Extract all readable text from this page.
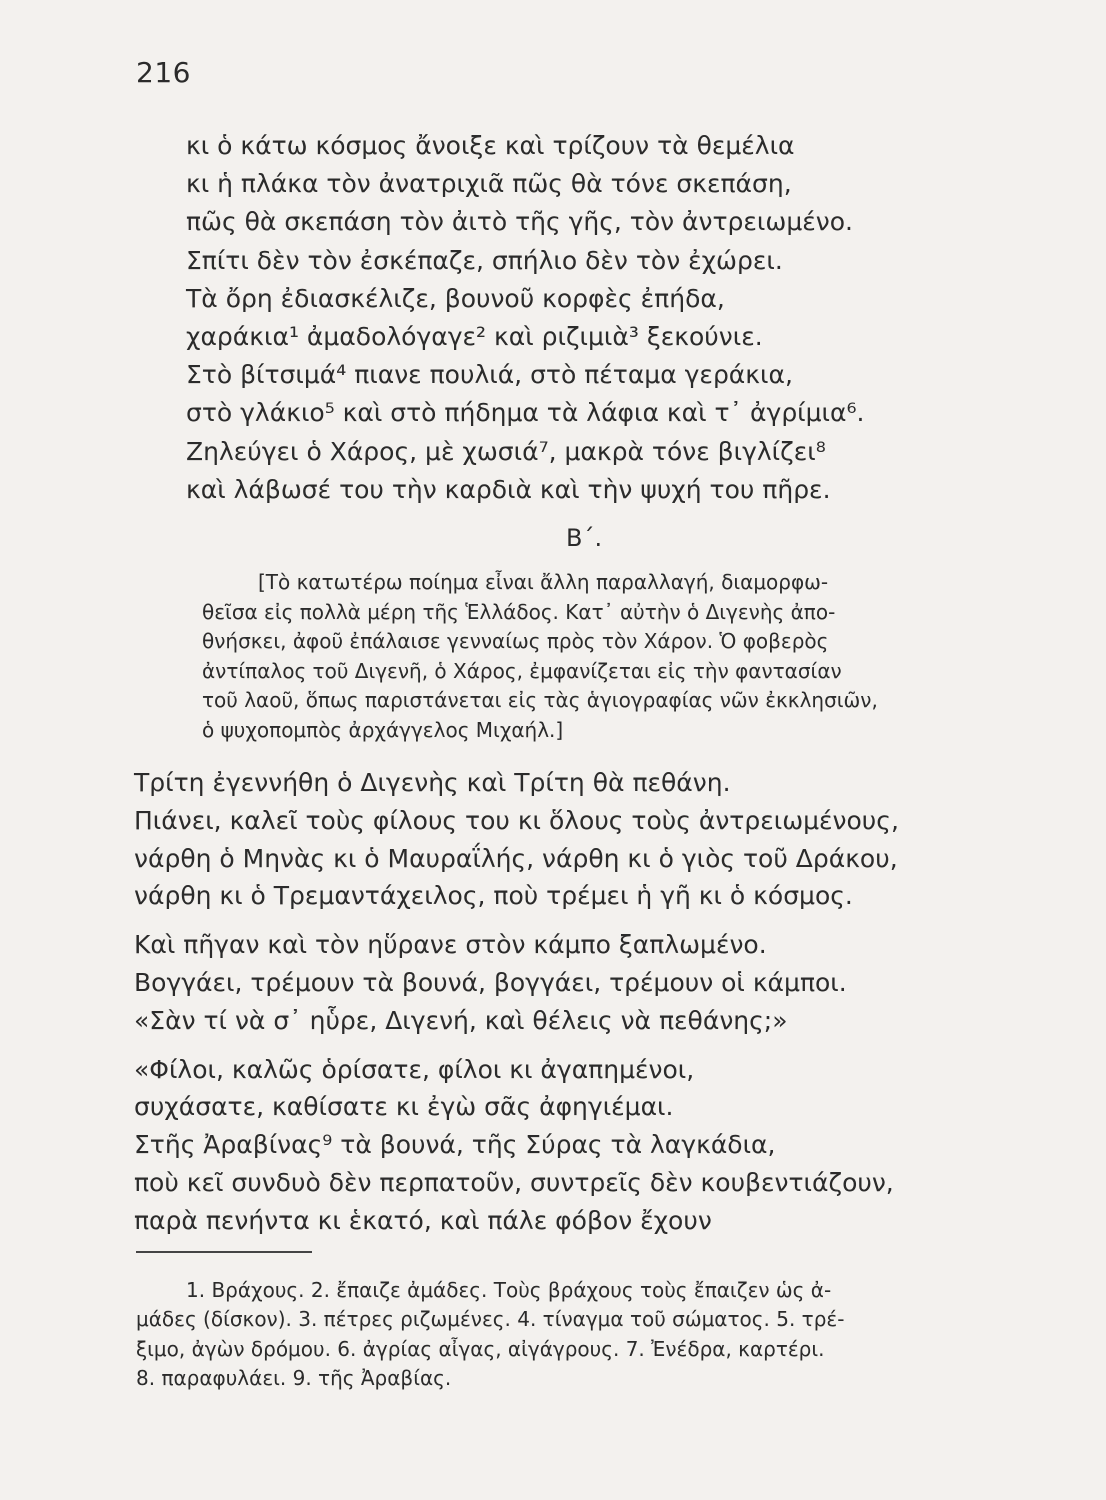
216
κι ὁ κάτω κόσμος ἄνοιξε καὶ τρίζουν τὰ θεμέλια
κι ἡ πλάκα τὸν ἀνατριχιᾶ πῶς θὰ τόνε σκεπάση,
πῶς θὰ σκεπάση τὸν ἀιτὸ τῆς γῆς, τὸν ἀντρειωμένο.
Σπίτι δὲν τὸν ἐσκέπαζε, σπήλιο δὲν τὸν ἐχώρει.
Τὰ ὄρη ἐδιασκέλιζε, βουνοῦ κορφὲς ἐπήδα,
χαράκια¹ ἀμαδολόγαγε² καὶ ριζιμιὰ³ ξεκούνιε.
Στὸ βίτσιμά⁴ πιανε πουλιά, στὸ πέταμα γεράκια,
στὸ γλάκιο⁵ καὶ στὸ πήδημα τὰ λάφια καὶ τ᾽ ἀγρίμια⁶.
Ζηλεύγει ὁ Χάρος, μὲ χωσιά⁷, μακρὰ τόνε βιγλίζει⁸
καὶ λάβωσέ του τὴν καρδιὰ καὶ τὴν ψυχή του πῆρε.
Β΄.
[Τὸ κατωτέρω ποίημα εἶναι ἄλλη παραλλαγή, διαμορφω-
θεῖσα εἰς πολλὰ μέρη τῆς Ἑλλάδος. Κατ᾽ αὐτὴν ὁ Διγενὴς ἀπο-
θνήσκει, ἀφοῦ ἐπάλαισε γενναίως πρὸς τὸν Χάρον. Ὁ φοβερὸς
ἀντίπαλος τοῦ Διγενῆ, ὁ Χάρος, ἐμφανίζεται εἰς τὴν φαντασίαν
τοῦ λαοῦ, ὅπως παριστάνεται εἰς τὰς ἁγιογραφίας νῶν ἐκκλησιῶν,
ὁ ψυχοπομπὸς ἀρχάγγελος Μιχαήλ.]
Τρίτη ἐγεννήθη ὁ Διγενὴς καὶ Τρίτη θὰ πεθάνη.
Πιάνει, καλεῖ τοὺς φίλους του κι ὅλους τοὺς ἀντρειωμένους,
νάρθη ὁ Μηνὰς κι ὁ Μαυραΐλής, νάρθη κι ὁ γιὸς τοῦ Δράκου,
νάρθη κι ὁ Τρεμαντάχειλος, ποὺ τρέμει ἡ γῆ κι ὁ κόσμος.
Καὶ πῆγαν καὶ τὸν ηὕρανε στὸν κάμπο ξαπλωμένο.
Βογγάει, τρέμουν τὰ βουνά, βογγάει, τρέμουν οἱ κάμποι.
«Σὰν τί νὰ σ᾽ ηὗρε, Διγενή, καὶ θέλεις νὰ πεθάνης;»
«Φίλοι, καλῶς ὁρίσατε, φίλοι κι ἀγαπημένοι,
συχάσατε, καθίσατε κι ἐγὼ σᾶς ἀφηγιέμαι.
Στῆς Ἀραβίνας⁹ τὰ βουνά, τῆς Σύρας τὰ λαγκάδια,
ποὺ κεῖ συνδυὸ δὲν περπατοῦν, συντρεῖς δὲν κουβεντιάζουν,
παρὰ πενήντα κι ἑκατό, καὶ πάλε φόβον ἔχουν
1. Βράχους. 2. ἔπαιζε ἀμάδες. Τοὺς βράχους τοὺς ἔπαιζεν ὡς ἀ-
μάδες (δίσκον). 3. πέτρες ριζωμένες. 4. τίναγμα τοῦ σώματος. 5. τρέ-
ξιμο, ἀγὼν δρόμου. 6. ἀγρίας αἶγας, αἰγάγρους. 7. Ἐνέδρα, καρτέρι.
8. παραφυλάει. 9. τῆς Ἀραβίας.
